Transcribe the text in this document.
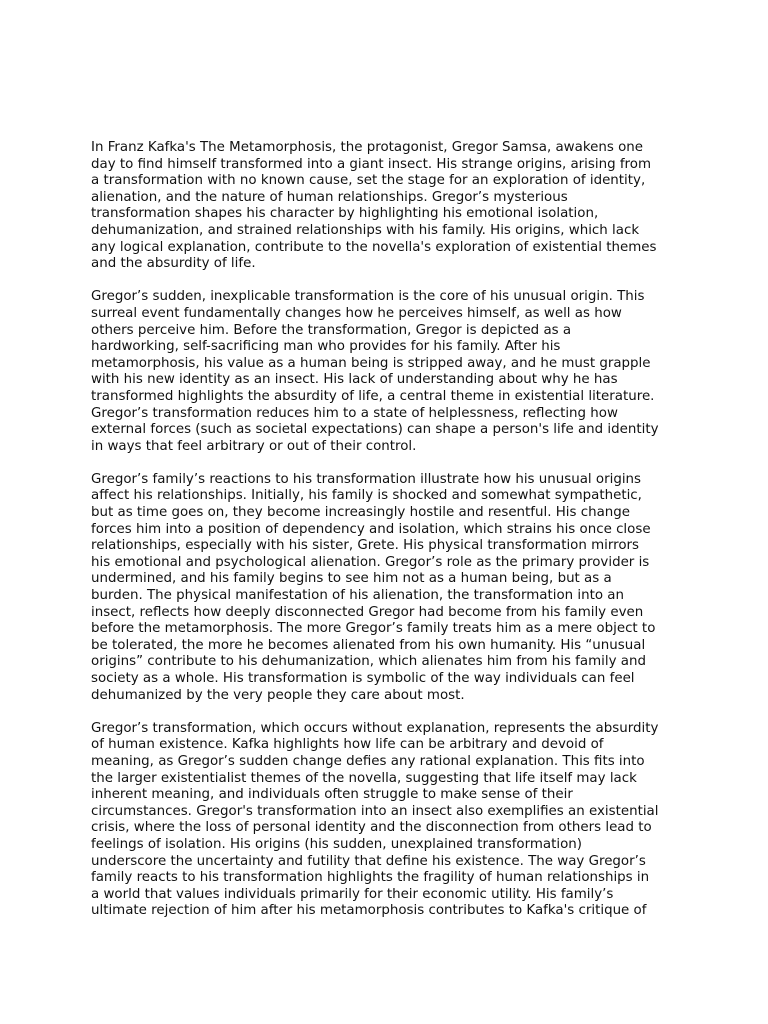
In Franz Kafka's The Metamorphosis, the protagonist, Gregor Samsa, awakens one
day to find himself transformed into a giant insect. His strange origins, arising from
a transformation with no known cause, set the stage for an exploration of identity,
alienation, and the nature of human relationships. Gregor’s mysterious
transformation shapes his character by highlighting his emotional isolation,
dehumanization, and strained relationships with his family. His origins, which lack
any logical explanation, contribute to the novella's exploration of existential themes
and the absurdity of life.

Gregor’s sudden, inexplicable transformation is the core of his unusual origin. This
surreal event fundamentally changes how he perceives himself, as well as how
others perceive him. Before the transformation, Gregor is depicted as a
hardworking, self-sacrificing man who provides for his family. After his
metamorphosis, his value as a human being is stripped away, and he must grapple
with his new identity as an insect. His lack of understanding about why he has
transformed highlights the absurdity of life, a central theme in existential literature.
Gregor’s transformation reduces him to a state of helplessness, reflecting how
external forces (such as societal expectations) can shape a person's life and identity
in ways that feel arbitrary or out of their control.

Gregor’s family’s reactions to his transformation illustrate how his unusual origins
affect his relationships. Initially, his family is shocked and somewhat sympathetic,
but as time goes on, they become increasingly hostile and resentful. His change
forces him into a position of dependency and isolation, which strains his once close
relationships, especially with his sister, Grete. His physical transformation mirrors
his emotional and psychological alienation. Gregor’s role as the primary provider is
undermined, and his family begins to see him not as a human being, but as a
burden. The physical manifestation of his alienation, the transformation into an
insect, reflects how deeply disconnected Gregor had become from his family even
before the metamorphosis. The more Gregor’s family treats him as a mere object to
be tolerated, the more he becomes alienated from his own humanity. His “unusual
origins” contribute to his dehumanization, which alienates him from his family and
society as a whole. His transformation is symbolic of the way individuals can feel
dehumanized by the very people they care about most.

Gregor’s transformation, which occurs without explanation, represents the absurdity
of human existence. Kafka highlights how life can be arbitrary and devoid of
meaning, as Gregor’s sudden change defies any rational explanation. This fits into
the larger existentialist themes of the novella, suggesting that life itself may lack
inherent meaning, and individuals often struggle to make sense of their
circumstances. Gregor's transformation into an insect also exemplifies an existential
crisis, where the loss of personal identity and the disconnection from others lead to
feelings of isolation. His origins (his sudden, unexplained transformation)
underscore the uncertainty and futility that define his existence. The way Gregor’s
family reacts to his transformation highlights the fragility of human relationships in
a world that values individuals primarily for their economic utility. His family’s
ultimate rejection of him after his metamorphosis contributes to Kafka's critique of
